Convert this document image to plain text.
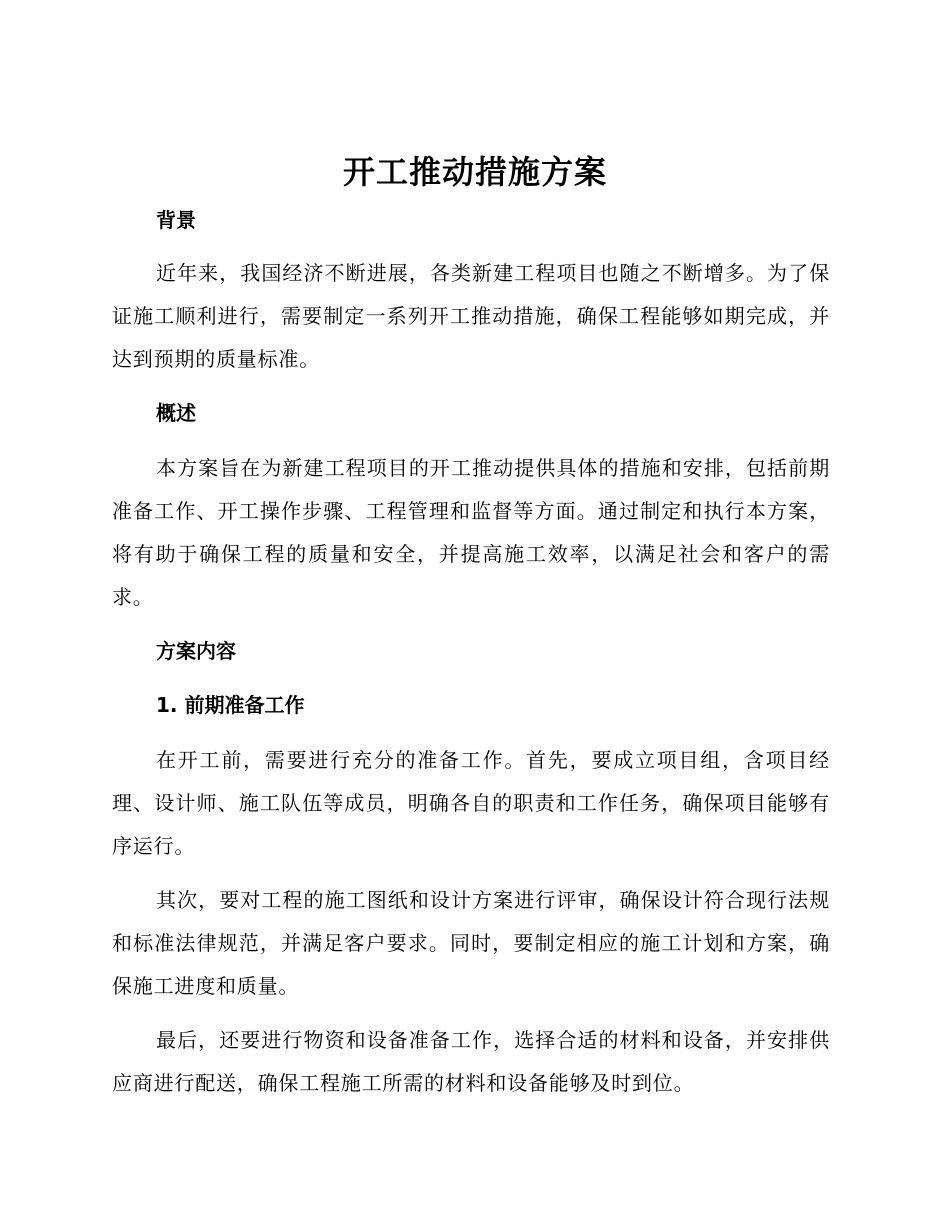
开工推动措施方案
背景

近年来，我国经济不断进展，各类新建工程项目也随之不断增多。为了保证施工顺利进行，需要制定一系列开工推动措施，确保工程能够如期完成，并达到预期的质量标准。

概述

本方案旨在为新建工程项目的开工推动提供具体的措施和安排，包括前期准备工作、开工操作步骤、工程管理和监督等方面。通过制定和执行本方案，将有助于确保工程的质量和安全，并提高施工效率，以满足社会和客户的需求。

方案内容
1. 前期准备工作

在开工前，需要进行充分的准备工作。首先，要成立项目组，含项目经理、设计师、施工队伍等成员，明确各自的职责和工作任务，确保项目能够有序运行。

其次，要对工程的施工图纸和设计方案进行评审，确保设计符合现行法规和标准法律规范，并满足客户要求。同时，要制定相应的施工计划和方案，确保施工进度和质量。

最后，还要进行物资和设备准备工作，选择合适的材料和设备，并安排供应商进行配送，确保工程施工所需的材料和设备能够及时到位。
